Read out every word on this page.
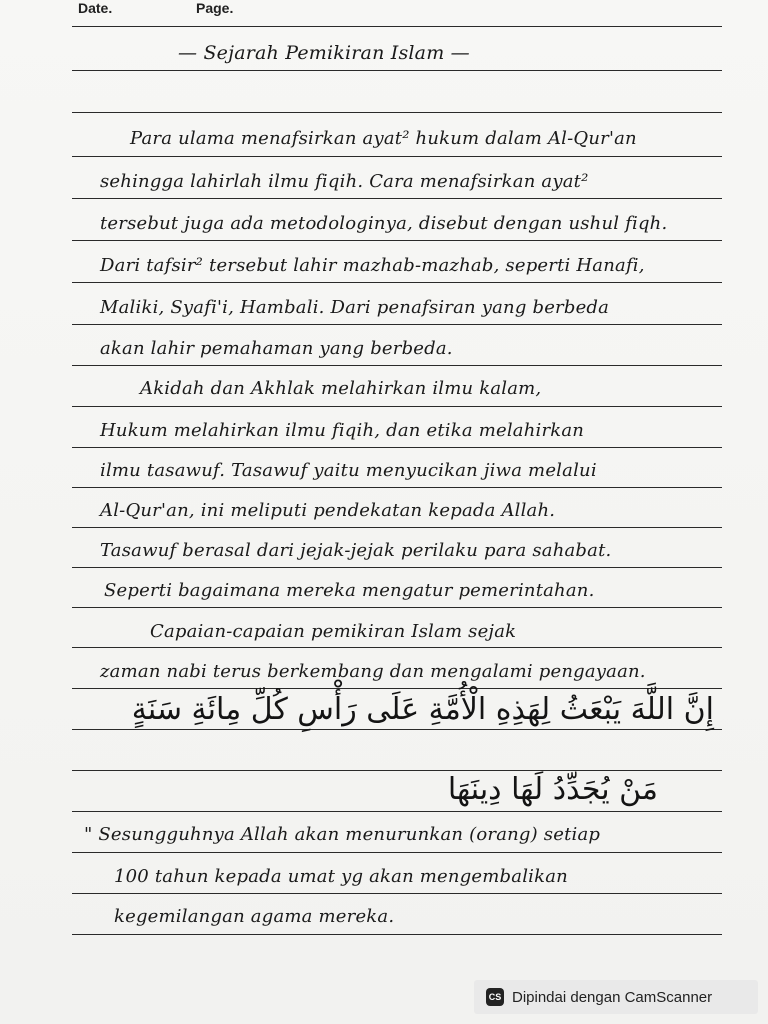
Date.	Page.
— Sejarah Pemikiran Islam —
Para ulama menafsirkan ayat² hukum dalam Al-Qur'an
sehingga lahirlah ilmu fiqih. Cara menafsirkan ayat²
tersebut juga ada metodologinya, disebut dengan ushul fiqh.
Dari tafsir² tersebut lahir mazhab-mazhab, seperti Hanafi,
Maliki, Syafi'i, Hambali. Dari penafsiran yang berbeda
akan lahir pemahaman yang berbeda.
Akidah dan Akhlak melahirkan ilmu kalam,
Hukum melahirkan ilmu fiqih, dan etika melahirkan
ilmu tasawuf. Tasawuf yaitu menyucikan jiwa melalui
Al-Qur'an, ini meliputi pendekatan kepada Allah.
Tasawuf berasal dari jejak-jejak perilaku para sahabat.
Seperti bagaimana mereka mengatur pemerintahan.
Capaian-capaian pemikiran Islam sejak
zaman nabi terus berkembang dan mengalami pengayaan.
إِنَّ اللَّهَ يَبْعَثُ لِهَذِهِ الْأُمَّةِ عَلَى رَأْسِ كُلِّ مِائَةِ سَنَةٍ
مَنْ يُجَدِّدُ لَهَا دِينَهَا
" Sesungguhnya Allah akan menurunkan (orang) setiap
100 tahun kepada umat yg akan mengembalikan
kegemilangan agama mereka.
CS Dipindai dengan CamScanner
